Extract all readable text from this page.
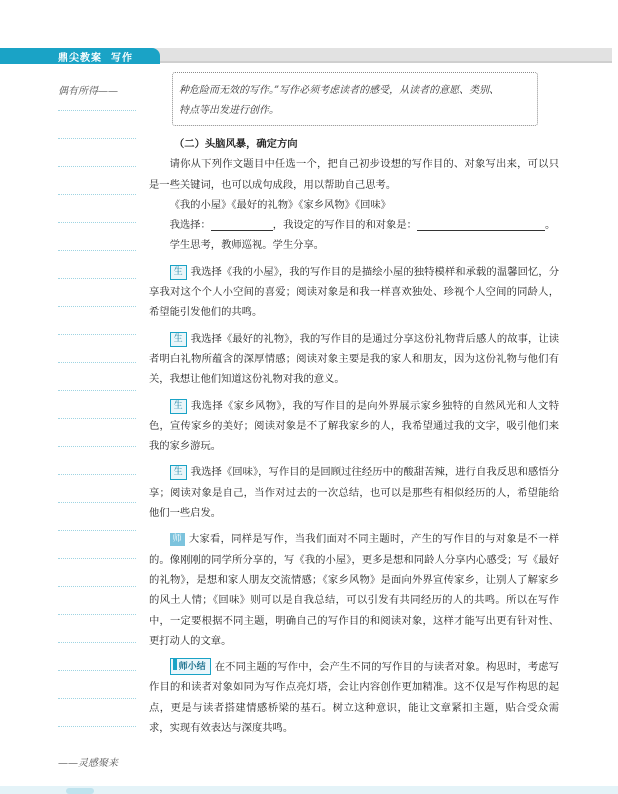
鼎尖教案 写作
偶有所得——
——灵感聚来
种危险而无效的写作。”写作必须考虑读者的感受，从读者的意愿、类别、
特点等出发进行创作。

（二）头脑风暴，确定方向

请你从下列作文题目中任选一个，把自己初步设想的写作目的、对象写出来，可以只是一些关键词，也可以成句成段，用以帮助自己思考。

《我的小屋》《最好的礼物》《家乡风物》《回味》

我选择：	，我设定的写作目的和对象是：	。

学生思考，教师巡视。学生分享。

生 我选择《我的小屋》，我的写作目的是描绘小屋的独特模样和承载的温馨回忆，分享我对这个个人小空间的喜爱；阅读对象是和我一样喜欢独处、珍视个人空间的同龄人，希望能引发他们的共鸣。

生 我选择《最好的礼物》，我的写作目的是通过分享这份礼物背后感人的故事，让读者明白礼物所蕴含的深厚情感；阅读对象主要是我的家人和朋友，因为这份礼物与他们有关，我想让他们知道这份礼物对我的意义。

生 我选择《家乡风物》，我的写作目的是向外界展示家乡独特的自然风光和人文特色，宣传家乡的美好；阅读对象是不了解我家乡的人，我希望通过我的文字，吸引他们来我的家乡游玩。

生 我选择《回味》，写作目的是回顾过往经历中的酸甜苦辣，进行自我反思和感悟分享；阅读对象是自己，当作对过去的一次总结，也可以是那些有相似经历的人，希望能给他们一些启发。

师 大家看，同样是写作，当我们面对不同主题时，产生的写作目的与对象是不一样的。像刚刚的同学所分享的，写《我的小屋》，更多是想和同龄人分享内心感受；写《最好的礼物》，是想和家人朋友交流情感；《家乡风物》是面向外界宣传家乡，让别人了解家乡的风土人情；《回味》则可以是自我总结，可以引发有共同经历的人的共鸣。所以在写作中，一定要根据不同主题，明确自己的写作目的和阅读对象，这样才能写出更有针对性、更打动人的文章。

师小结 在不同主题的写作中，会产生不同的写作目的与读者对象。构思时，考虑写作目的和读者对象如同为写作点亮灯塔，会让内容创作更加精准。这不仅是写作构思的起点，更是与读者搭建情感桥梁的基石。树立这种意识，能让文章紧扣主题，贴合受众需求，实现有效表达与深度共鸣。
